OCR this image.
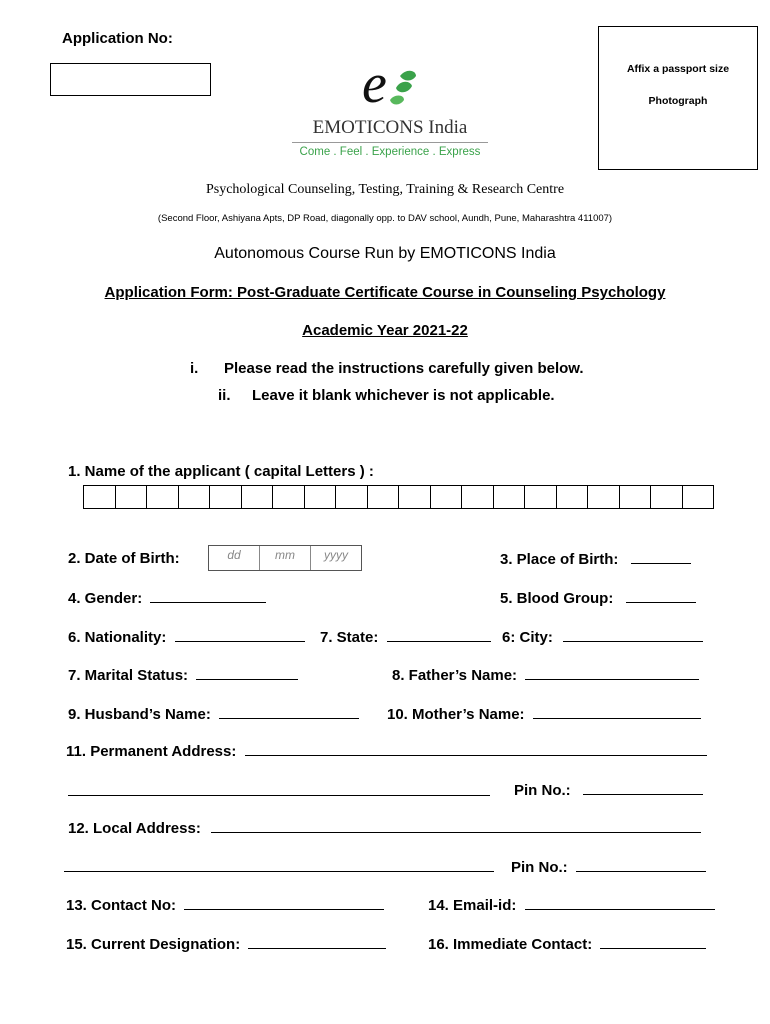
Application No:
Affix a passport size
Photograph
e
EMOTICONS India
Come . Feel . Experience . Express
Psychological Counseling, Testing, Training & Research Centre
(Second Floor, Ashiyana Apts, DP Road, diagonally opp. to DAV school, Aundh, Pune, Maharashtra 411007)
Autonomous Course Run by EMOTICONS India
Application Form: Post-Graduate Certificate Course in Counseling Psychology
Academic Year 2021-22
i. Please read the instructions carefully given below.
ii. Leave it blank whichever is not applicable.
1. Name of the applicant ( capital Letters ) :
2. Date of Birth:	dd	mm	yyyy	3. Place of Birth:
4. Gender:	5. Blood Group:
6. Nationality:	7. State:	6: City:
7. Marital Status:	8. Father’s Name:
9. Husband’s Name:	10. Mother’s Name:
11. Permanent Address:
Pin No.:
12. Local Address:
Pin No.:
13. Contact No:	14. Email-id:
15. Current Designation:	16. Immediate Contact:
